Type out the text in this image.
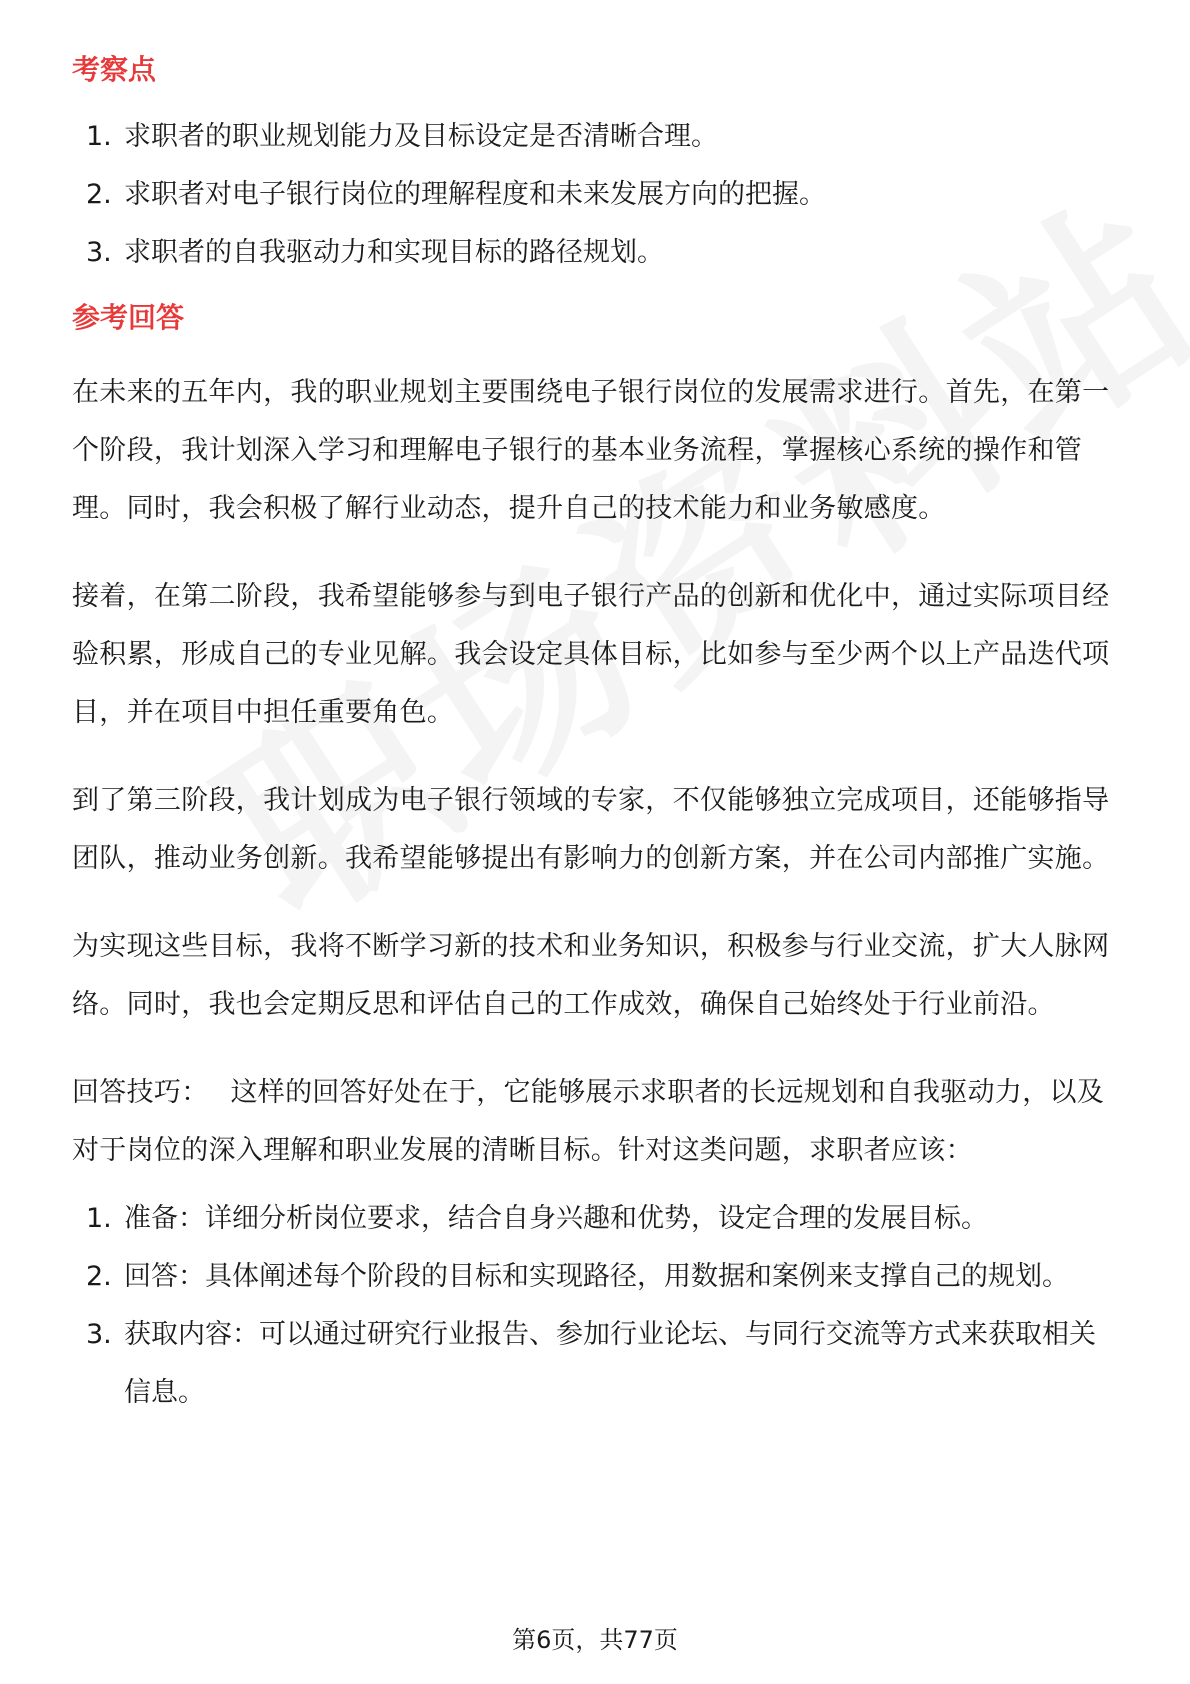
考察点
1. 求职者的职业规划能力及目标设定是否清晰合理。
2. 求职者对电子银行岗位的理解程度和未来发展方向的把握。
3. 求职者的自我驱动力和实现目标的路径规划。
参考回答

在未来的五年内，我的职业规划主要围绕电子银行岗位的发展需求进行。首先，在第一个阶段，我计划深入学习和理解电子银行的基本业务流程，掌握核心系统的操作和管理。同时，我会积极了解行业动态，提升自己的技术能力和业务敏感度。

接着，在第二阶段，我希望能够参与到电子银行产品的创新和优化中，通过实际项目经验积累，形成自己的专业见解。我会设定具体目标，比如参与至少两个以上产品迭代项目，并在项目中担任重要角色。

到了第三阶段，我计划成为电子银行领域的专家，不仅能够独立完成项目，还能够指导团队，推动业务创新。我希望能够提出有影响力的创新方案，并在公司内部推广实施。

为实现这些目标，我将不断学习新的技术和业务知识，积极参与行业交流，扩大人脉网络。同时，我也会定期反思和评估自己的工作成效，确保自己始终处于行业前沿。

回答技巧： 这样的回答好处在于，它能够展示求职者的长远规划和自我驱动力，以及对于岗位的深入理解和职业发展的清晰目标。针对这类问题，求职者应该：

1. 准备：详细分析岗位要求，结合自身兴趣和优势，设定合理的发展目标。
2. 回答：具体阐述每个阶段的目标和实现路径，用数据和案例来支撑自己的规划。
3. 获取内容：可以通过研究行业报告、参加行业论坛、与同行交流等方式来获取相关信息。
第6页，共77页
